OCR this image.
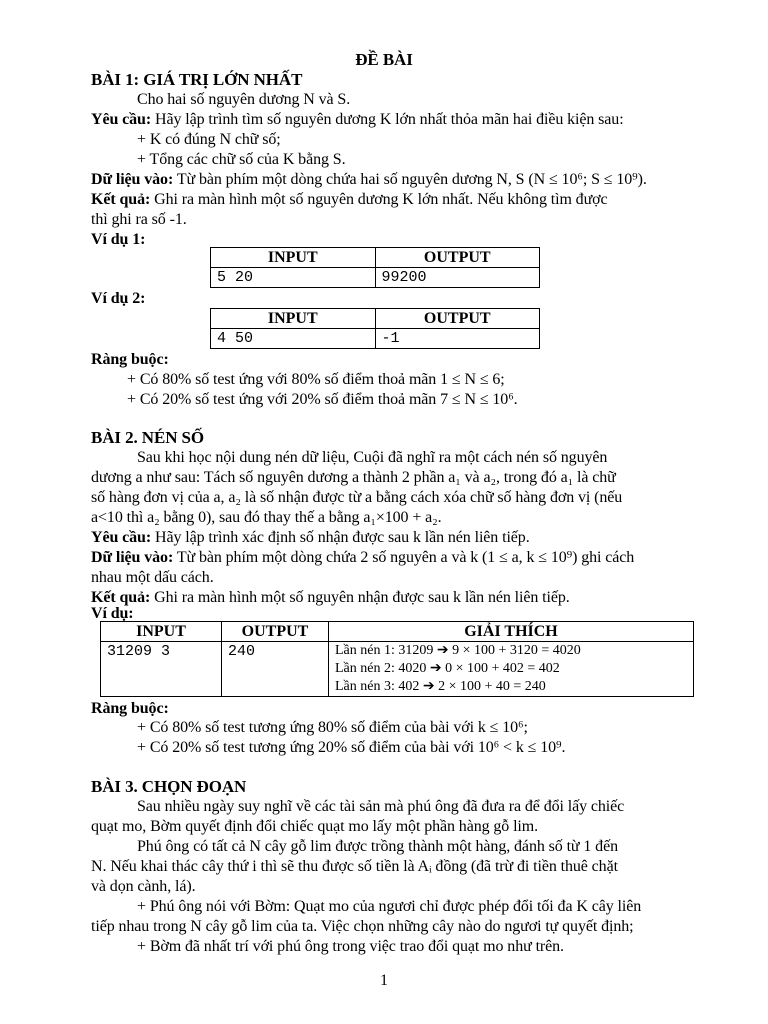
ĐỀ BÀI
BÀI 1: GIÁ TRỊ LỚN NHẤT
Cho hai số nguyên dương N và S.
Yêu cầu: Hãy lập trình tìm số nguyên dương K lớn nhất thỏa mãn hai điều kiện sau:
+ K có đúng N chữ số;
+ Tổng các chữ số của K bằng S.
Dữ liệu vào: Từ bàn phím một dòng chứa hai số nguyên dương N, S (N ≤ 10⁶; S ≤ 10⁹).
Kết quả: Ghi ra màn hình một số nguyên dương K lớn nhất. Nếu không tìm được
thì ghi ra số -1.
Ví dụ 1:
INPUT	OUTPUT
5 20	99200
Ví dụ 2:
INPUT	OUTPUT
4 50	-1
Ràng buộc:
+ Có 80% số test ứng với 80% số điểm thoả mãn 1 ≤ N ≤ 6;
+ Có 20% số test ứng với 20% số điểm thoả mãn 7 ≤ N ≤ 10⁶.
BÀI 2. NÉN SỐ
Sau khi học nội dung nén dữ liệu, Cuội đã nghĩ ra một cách nén số nguyên
dương a như sau: Tách số nguyên dương a thành 2 phần a₁ và a₂, trong đó a₁ là chữ
số hàng đơn vị của a, a₂ là số nhận được từ a bằng cách xóa chữ số hàng đơn vị (nếu
a<10 thì a₂ bằng 0), sau đó thay thế a bằng a₁×100 + a₂.
Yêu cầu: Hãy lập trình xác định số nhận được sau k lần nén liên tiếp.
Dữ liệu vào: Từ bàn phím một dòng chứa 2 số nguyên a và k (1 ≤ a, k ≤ 10⁹) ghi cách
nhau một dấu cách.
Kết quả: Ghi ra màn hình một số nguyên nhận được sau k lần nén liên tiếp.
Ví dụ:
INPUT	OUTPUT	GIẢI THÍCH
31209 3	240	Lần nén 1: 31209 ➔ 9 × 100 + 3120 = 4020
Lần nén 2: 4020 ➔ 0 × 100 + 402 = 402
Lần nén 3: 402 ➔ 2 × 100 + 40 = 240
Ràng buộc:
+ Có 80% số test tương ứng 80% số điểm của bài với k ≤ 10⁶;
+ Có 20% số test tương ứng 20% số điểm của bài với 10⁶ < k ≤ 10⁹.
BÀI 3. CHỌN ĐOẠN
Sau nhiều ngày suy nghĩ về các tài sản mà phú ông đã đưa ra để đổi lấy chiếc
quạt mo, Bờm quyết định đổi chiếc quạt mo lấy một phần hàng gỗ lim.
Phú ông có tất cả N cây gỗ lim được trồng thành một hàng, đánh số từ 1 đến
N. Nếu khai thác cây thứ i thì sẽ thu được số tiền là Aᵢ đồng (đã trừ đi tiền thuê chặt
và dọn cành, lá).
+ Phú ông nói với Bờm: Quạt mo của ngươi chỉ được phép đổi tối đa K cây liên
tiếp nhau trong N cây gỗ lim của ta. Việc chọn những cây nào do ngươi tự quyết định;
+ Bờm đã nhất trí với phú ông trong việc trao đổi quạt mo như trên.
1
